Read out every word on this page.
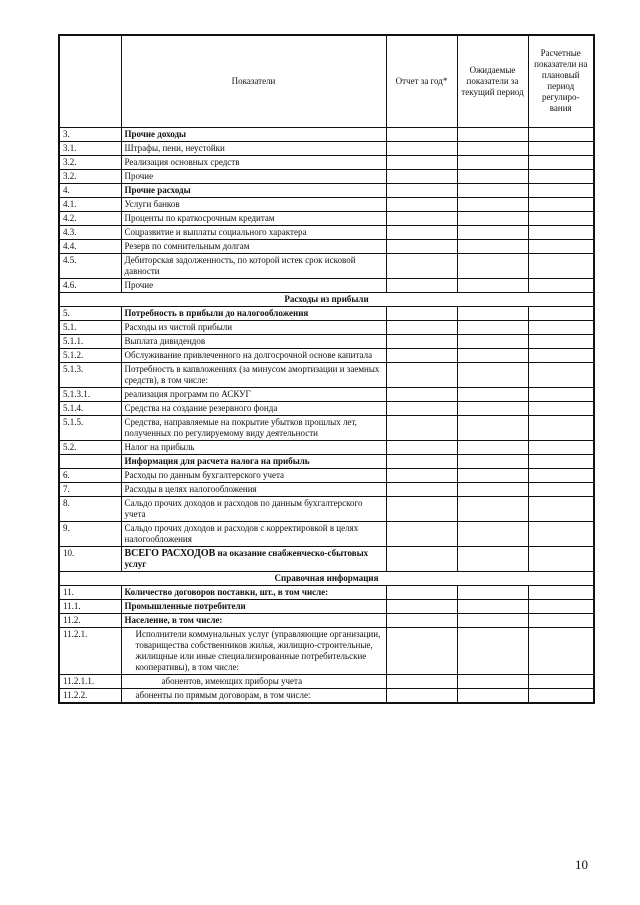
	Показатели	Отчет за год*	Ожидаемые показатели за текущий период	Расчетные показатели на плановый период регулиро-вания
3.	Прочие доходы			
3.1.	Штрафы, пени, неустойки			
3.2.	Реализация основных средств			
3.2.	Прочие			
4.	Прочие расходы			
4.1.	Услуги банков			
4.2.	Проценты по краткосрочным кредитам			
4.3.	Соцразвитие и выплаты социального характера			
4.4.	Резерв по сомнительным долгам			
4.5.	Дебиторская задолженность, по которой истек срок исковой давности			
4.6.	Прочие			
Расходы из прибыли				
5.	Потребность в прибыли до налогообложения			
5.1.	Расходы из чистой прибыли			
5.1.1.	Выплата дивидендов			
5.1.2.	Обслуживание привлеченного на долгосрочной основе капитала			
5.1.3.	Потребность в капвложениях (за минусом амортизации и заемных средств), в том числе:			
5.1.3.1.	реализация программ по АСКУГ			
5.1.4.	Средства на создание резервного фонда			
5.1.5.	Средства, направляемые на покрытие убытков прошлых лет, полученных по регулируемому виду деятельности			
5.2.	Налог на прибыль			
	Информация для расчета налога на прибыль			
6.	Расходы по данным бухгалтерского учета			
7.	Расходы в целях налогообложения			
8.	Сальдо прочих доходов и расходов по данным бухгалтерского учета			
9.	Сальдо прочих доходов и расходов с корректировкой в целях налогообложения			
10.	ВСЕГО РАСХОДОВ на оказание снабженческо-сбытовых услуг			
Справочная информация				
11.	Количество договоров поставки, шт., в том числе:			
11.1.	Промышленные потребители			
11.2.	Население, в том числе:			
11.2.1.	Исполнители коммунальных услуг (управляющие организации, товарищества собственников жилья, жилищно-строительные, жилищные или иные специализированные потребительские кооперативы), в том числе:			
11.2.1.1.	абонентов, имеющих приборы учета			
11.2.2.	абоненты по прямым договорам, в том числе:			
·
10
